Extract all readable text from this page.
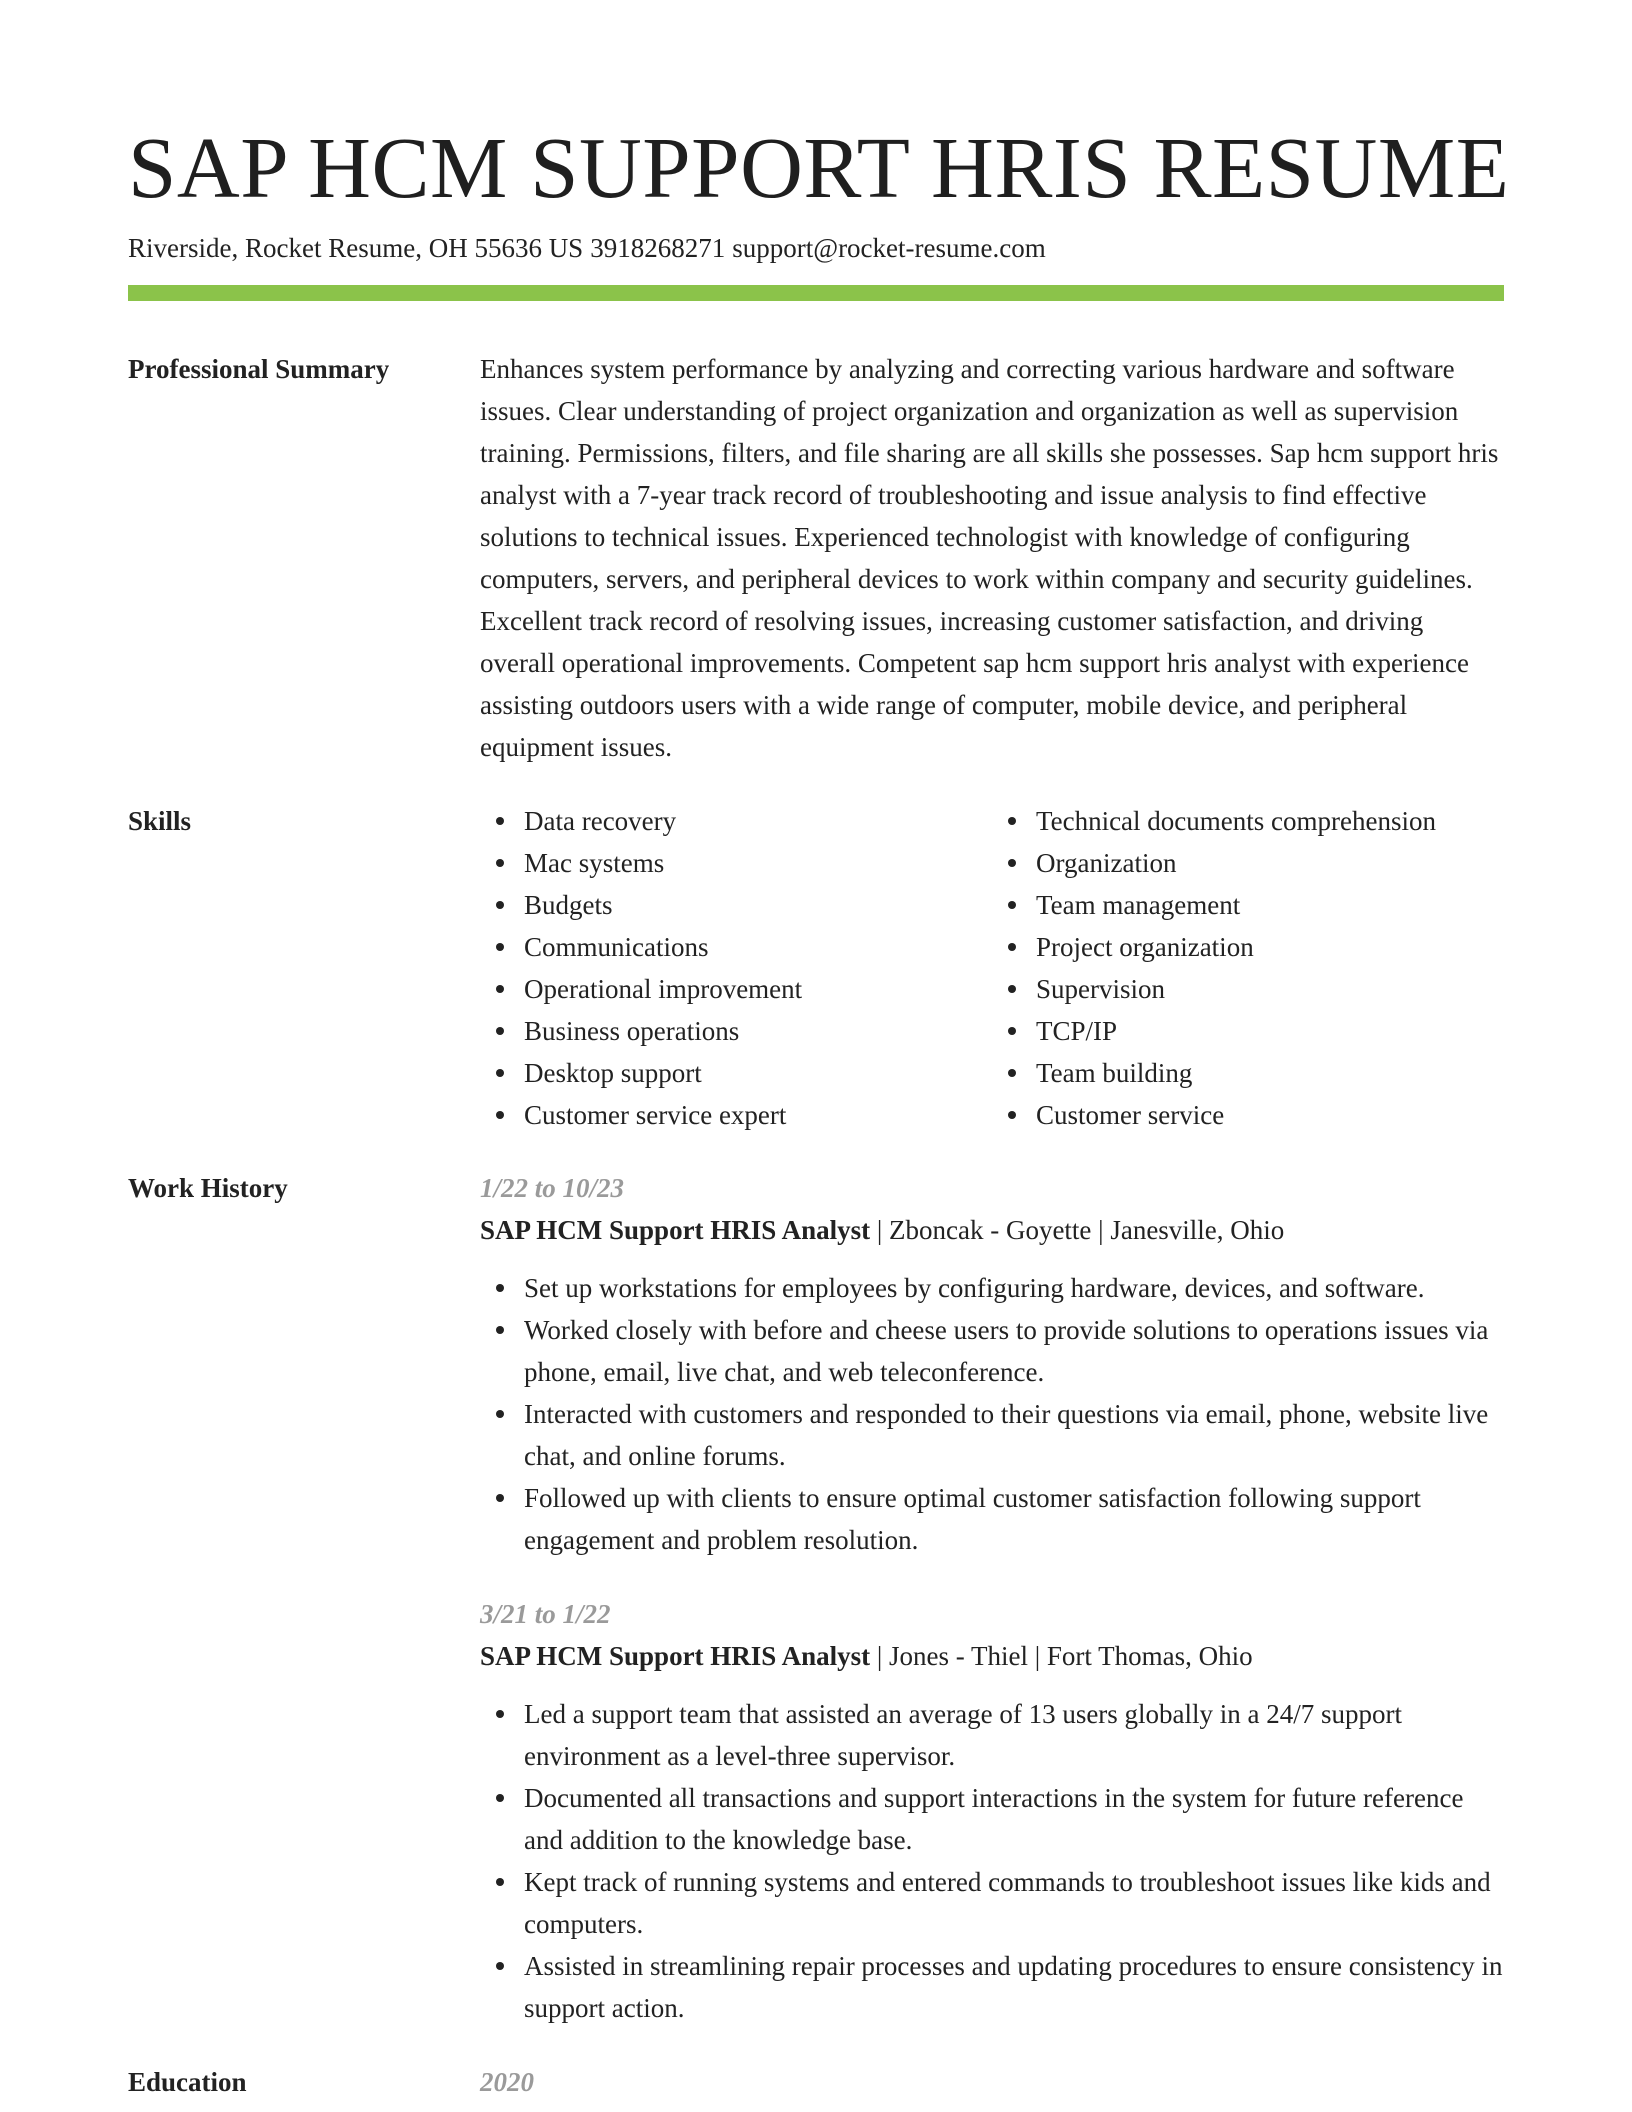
SAP HCM SUPPORT HRIS RESUME
Riverside, Rocket Resume, OH 55636 US 3918268271 support@rocket-resume.com
Professional Summary	Enhances system performance by analyzing and correcting various hardware and software issues. Clear understanding of project organization and organization as well as supervision training. Permissions, filters, and file sharing are all skills she possesses. Sap hcm support hris analyst with a 7-year track record of troubleshooting and issue analysis to find effective solutions to technical issues. Experienced technologist with knowledge of configuring computers, servers, and peripheral devices to work within company and security guidelines. Excellent track record of resolving issues, increasing customer satisfaction, and driving overall operational improvements. Competent sap hcm support hris analyst with experience assisting outdoors users with a wide range of computer, mobile device, and peripheral equipment issues.

Skills	Data recovery
Mac systems
Budgets
Communications
Operational improvement
Business operations
Desktop support
Customer service expert
Technical documents comprehension
Organization
Team management
Project organization
Supervision
TCP/IP
Team building
Customer service
Work History	1/22 to 10/23
SAP HCM Support HRIS Analyst | Zboncak - Goyette | Janesville, Ohio
Set up workstations for employees by configuring hardware, devices, and software.
Worked closely with before and cheese users to provide solutions to operations issues via phone, email, live chat, and web teleconference.
Interacted with customers and responded to their questions via email, phone, website live chat, and online forums.
Followed up with clients to ensure optimal customer satisfaction following support engagement and problem resolution.
3/21 to 1/22
SAP HCM Support HRIS Analyst | Jones - Thiel | Fort Thomas, Ohio
Led a support team that assisted an average of 13 users globally in a 24/7 support environment as a level-three supervisor.
Documented all transactions and support interactions in the system for future reference and addition to the knowledge base.
Kept track of running systems and entered commands to troubleshoot issues like kids and computers.
Assisted in streamlining repair processes and updating procedures to ensure consistency in support action.
Education	2020
